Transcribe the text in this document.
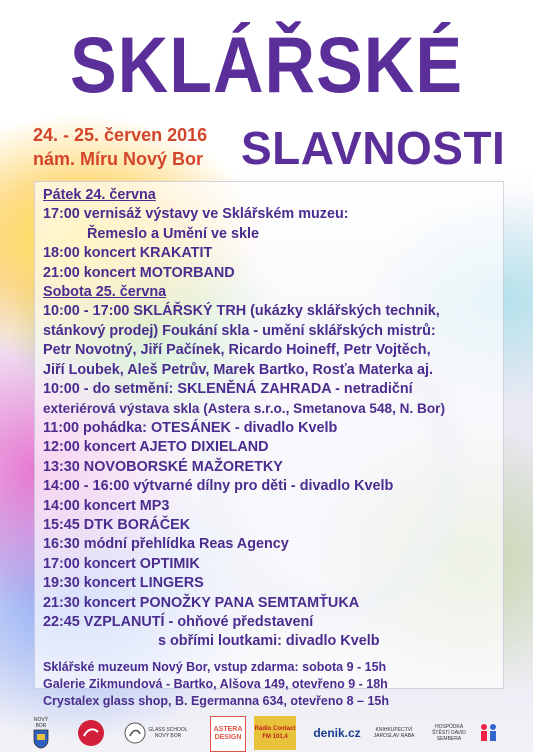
SKLÁŘSKÉ
24. - 25. červen 2016
nám. Míru Nový Bor SLAVNOSTI
Pátek 24. června
17:00 vernisáž výstavy ve Sklářském muzeu:
Řemeslo a Umění ve skle
18:00 koncert KRAKATIT
21:00 koncert MOTORBAND
Sobota 25. června
10:00 - 17:00 SKLÁŘSKÝ TRH (ukázky sklářských technik,
stánkový prodej) Foukání skla - umění sklářských mistrů:
Petr Novotný, Jiří Pačínek, Ricardo Hoineff, Petr Vojtěch,
Jiří Loubek, Aleš Petrův, Marek Bartko, Rosťa Materka aj.
10:00 - do setmění: SKLENĚNÁ ZAHRADA - netradiční
exteriérová výstava skla (Astera s.r.o., Smetanova 548, N. Bor)
11:00 pohádka: OTESÁNEK - divadlo Kvelb
12:00 koncert AJETO DIXIELAND
13:30 NOVOBORSKÉ MAŽORETKY
14:00 - 16:00 výtvarné dílny pro děti - divadlo Kvelb
14:00 koncert MP3
15:45 DTK BORÁČEK
16:30 módní přehlídka Reas Agency
17:00 koncert OPTIMIK
19:30 koncert LINGERS
21:30 koncert PONOŽKY PANA SEMTAMŤUKA
22:45 VZPLANUTÍ - ohňové představení
s obřími loutkami: divadlo Kvelb
Sklářské muzeum Nový Bor, vstup zdarma: sobota 9 - 15h
Galerie Zikmundová - Bartko, Alšova 149, otevřeno 9 - 18h
Crystalex glass shop, B. Egermanna 634, otevřeno 8 – 15h
NOVÝ BOR
GLASS SCHOOL NOVÝ BOR
ASTERA DESIGN
Rádio Contact FM 101,4	denik.cz	KNIHKUPECTVÍ JAROSLAV RABA
HOSPŮDKA ŠTĚSTÍ DAVID SEMBERA
